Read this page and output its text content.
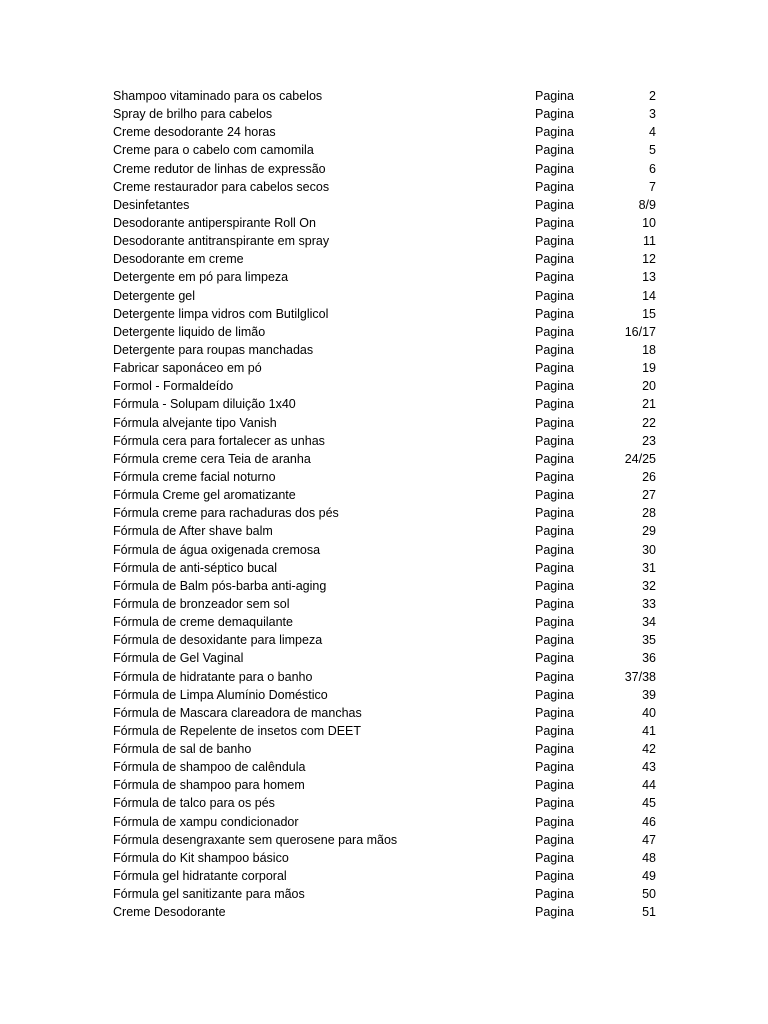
Shampoo vitaminado para os cabelos	Pagina	2
Spray de brilho para cabelos	Pagina	3
Creme desodorante 24 horas	Pagina	4
Creme para o cabelo com camomila	Pagina	5
Creme redutor de linhas de expressão	Pagina	6
Creme restaurador para cabelos secos	Pagina	7
Desinfetantes	Pagina	8/9
Desodorante antiperspirante Roll On	Pagina	10
Desodorante antitranspirante em spray	Pagina	11
Desodorante em creme	Pagina	12
Detergente em pó para limpeza	Pagina	13
Detergente gel	Pagina	14
Detergente limpa vidros com Butilglicol	Pagina	15
Detergente liquido de limão	Pagina	16/17
Detergente para roupas manchadas	Pagina	18
Fabricar saponáceo em pó	Pagina	19
Formol - Formaldeído	Pagina	20
Fórmula - Solupam diluição 1x40	Pagina	21
Fórmula alvejante tipo Vanish	Pagina	22
Fórmula cera para fortalecer as unhas	Pagina	23
Fórmula creme cera Teia de aranha	Pagina	24/25
Fórmula creme facial noturno	Pagina	26
Fórmula Creme gel aromatizante	Pagina	27
Fórmula creme para rachaduras dos pés	Pagina	28
Fórmula de After shave balm	Pagina	29
Fórmula de água oxigenada cremosa	Pagina	30
Fórmula de anti-séptico bucal	Pagina	31
Fórmula de Balm pós-barba anti-aging	Pagina	32
Fórmula de bronzeador sem sol	Pagina	33
Fórmula de creme demaquilante	Pagina	34
Fórmula de desoxidante para limpeza	Pagina	35
Fórmula de Gel Vaginal	Pagina	36
Fórmula de hidratante para o banho	Pagina	37/38
Fórmula de Limpa Alumínio Doméstico	Pagina	39
Fórmula de Mascara clareadora de manchas	Pagina	40
Fórmula de Repelente de insetos com DEET	Pagina	41
Fórmula de sal de banho	Pagina	42
Fórmula de shampoo de calêndula	Pagina	43
Fórmula de shampoo para homem	Pagina	44
Fórmula de talco para os pés	Pagina	45
Fórmula de xampu condicionador	Pagina	46
Fórmula desengraxante sem querosene para mãos	Pagina	47
Fórmula do Kit shampoo básico	Pagina	48
Fórmula gel hidratante corporal	Pagina	49
Fórmula gel sanitizante para mãos	Pagina	50
Creme Desodorante	Pagina	51
